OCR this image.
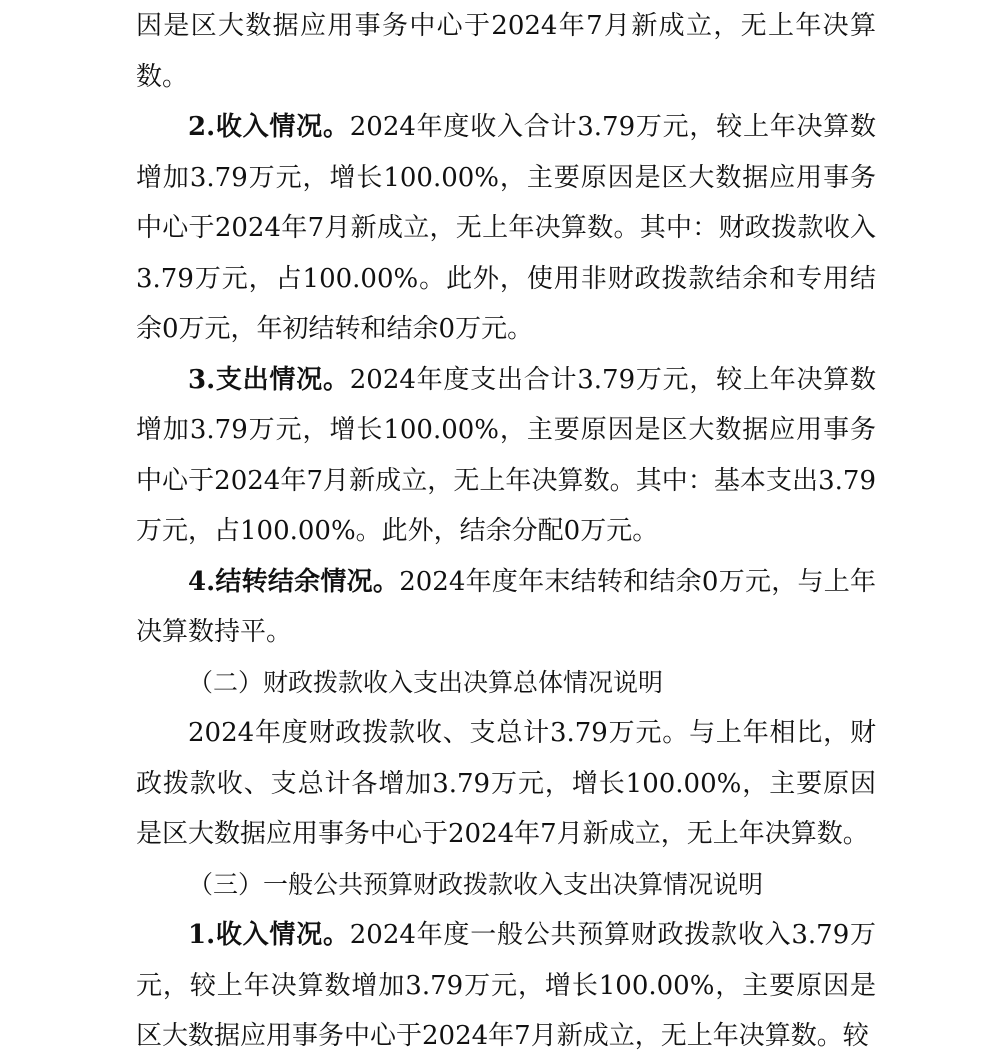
因是区大数据应用事务中心于2024年7月新成立，无上年决算数。

2.收入情况。2024年度收入合计3.79万元，较上年决算数增加3.79万元，增长100.00%，主要原因是区大数据应用事务中心于2024年7月新成立，无上年决算数。其中：财政拨款收入3.79万元，占100.00%。此外，使用非财政拨款结余和专用结余0万元，年初结转和结余0万元。

3.支出情况。2024年度支出合计3.79万元，较上年决算数增加3.79万元，增长100.00%，主要原因是区大数据应用事务中心于2024年7月新成立，无上年决算数。其中：基本支出3.79万元，占100.00%。此外，结余分配0万元。

4.结转结余情况。2024年度年末结转和结余0万元，与上年决算数持平。

（二）财政拨款收入支出决算总体情况说明

2024年度财政拨款收、支总计3.79万元。与上年相比，财政拨款收、支总计各增加3.79万元，增长100.00%，主要原因是区大数据应用事务中心于2024年7月新成立，无上年决算数。

（三）一般公共预算财政拨款收入支出决算情况说明

1.收入情况。2024年度一般公共预算财政拨款收入3.79万元，较上年决算数增加3.79万元，增长100.00%，主要原因是区大数据应用事务中心于2024年7月新成立，无上年决算数。较
